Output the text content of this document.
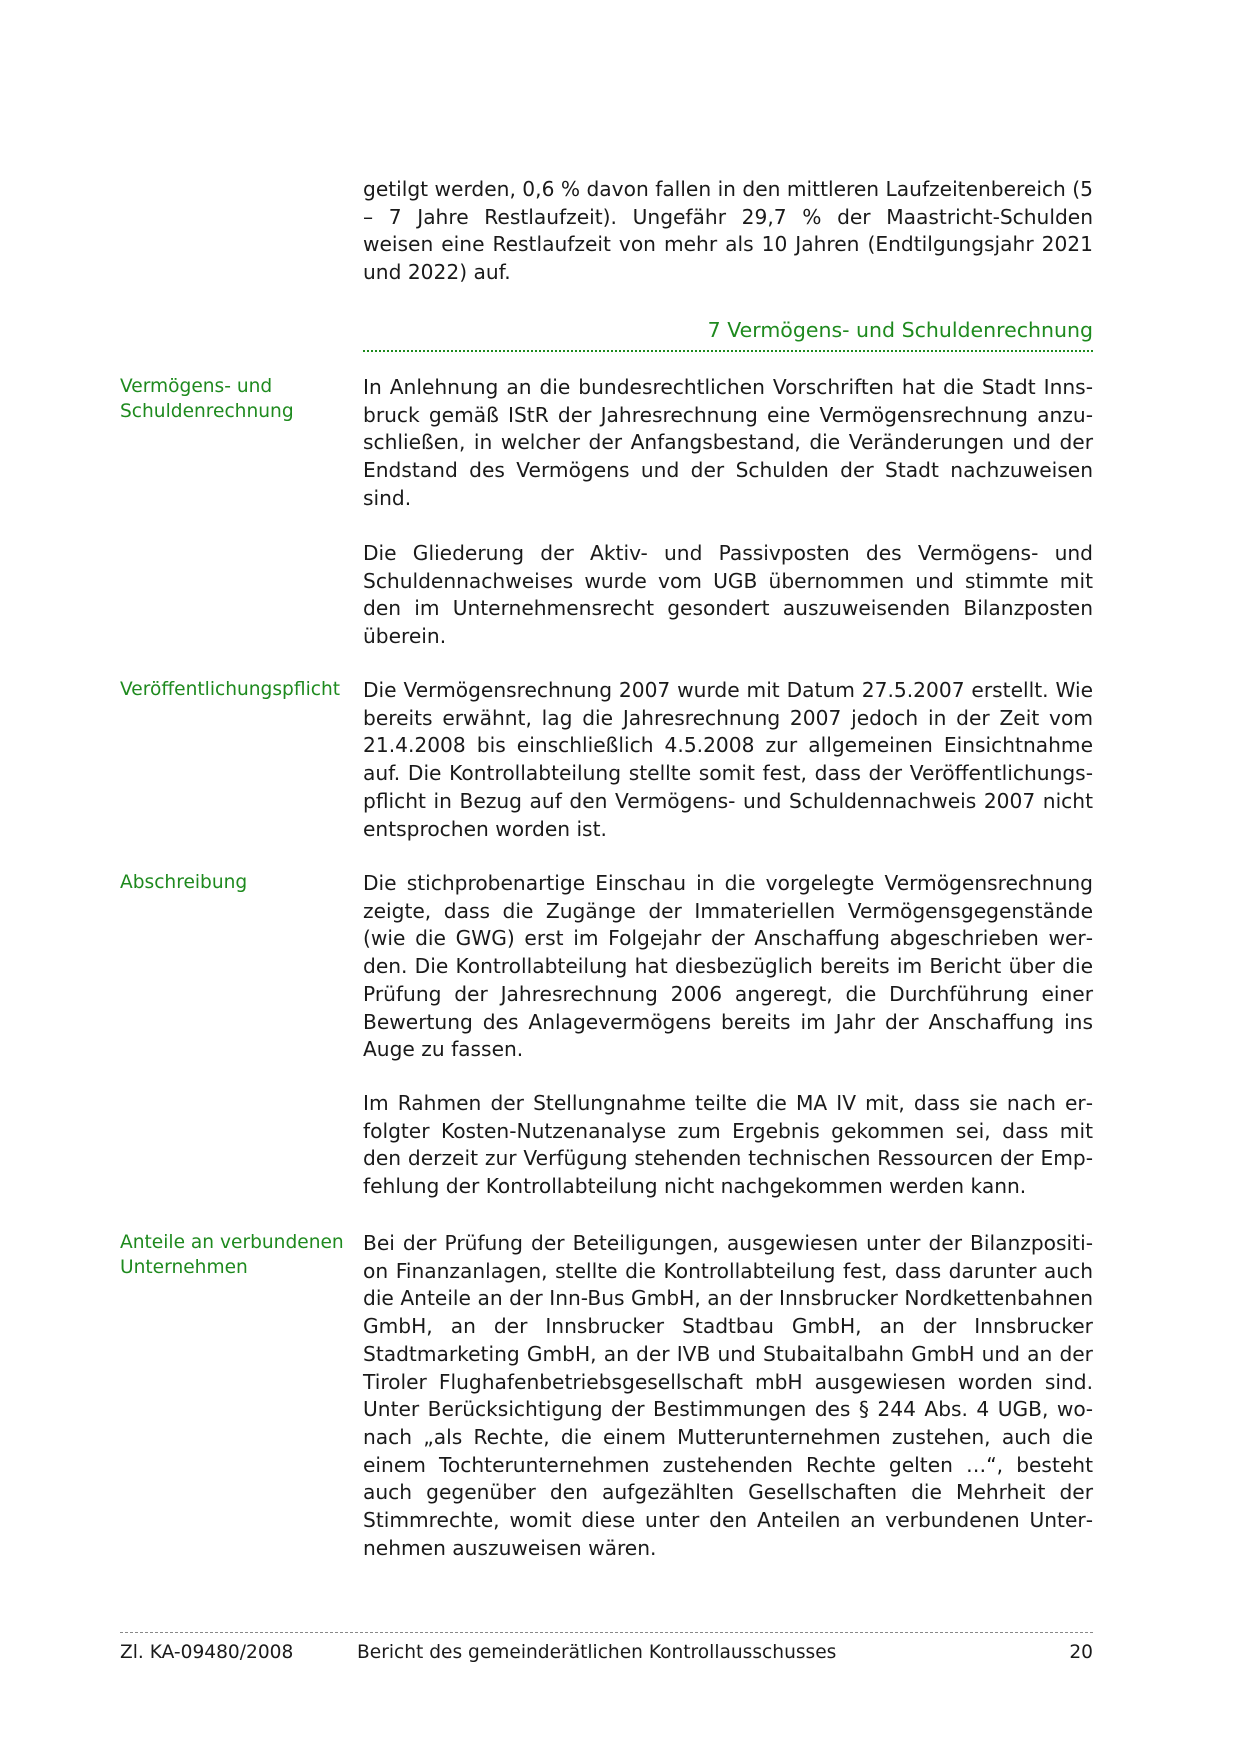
getilgt werden, 0,6 % davon fallen in den mittleren Laufzeitenbereich (5 – 7 Jahre Restlaufzeit). Ungefähr 29,7 % der Maastricht-Schulden weisen eine Restlaufzeit von mehr als 10 Jahren (Endtilgungsjahr 2021 und 2022) auf.

7 Vermögens- und Schuldenrechnung

Vermögens- und Schuldenrechnung

In Anlehnung an die bundesrechtlichen Vorschriften hat die Stadt Innsbruck gemäß IStR der Jahresrechnung eine Vermögensrechnung anzuschließen, in welcher der Anfangsbestand, die Veränderungen und der Endstand des Vermögens und der Schulden der Stadt nachzuweisen sind.

Die Gliederung der Aktiv- und Passivposten des Vermögens- und Schuldennachweises wurde vom UGB übernommen und stimmte mit den im Unternehmensrecht gesondert auszuweisenden Bilanzposten überein.

Veröffentlichungspflicht	Die Vermögensrechnung 2007 wurde mit Datum 27.5.2007 erstellt. Wie bereits erwähnt, lag die Jahresrechnung 2007 jedoch in der Zeit vom 21.4.2008 bis einschließlich 4.5.2008 zur allgemeinen Einsichtnahme auf. Die Kontrollabteilung stellte somit fest, dass der Veröffentlichungspflicht in Bezug auf den Vermögens- und Schuldennachweis 2007 nicht entsprochen worden ist.

Abschreibung	Die stichprobenartige Einschau in die vorgelegte Vermögensrechnung zeigte, dass die Zugänge der Immateriellen Vermögensgegenstände (wie die GWG) erst im Folgejahr der Anschaffung abgeschrieben werden. Die Kontrollabteilung hat diesbezüglich bereits im Bericht über die Prüfung der Jahresrechnung 2006 angeregt, die Durchführung einer Bewertung des Anlagevermögens bereits im Jahr der Anschaffung ins Auge zu fassen.

Im Rahmen der Stellungnahme teilte die MA IV mit, dass sie nach erfolgter Kosten-Nutzenanalyse zum Ergebnis gekommen sei, dass mit den derzeit zur Verfügung stehenden technischen Ressourcen der Empfehlung der Kontrollabteilung nicht nachgekommen werden kann.

Anteile an verbundenen Unternehmen

Bei der Prüfung der Beteiligungen, ausgewiesen unter der Bilanzposition Finanzanlagen, stellte die Kontrollabteilung fest, dass darunter auch die Anteile an der Inn-Bus GmbH, an der Innsbrucker Nordkettenbahnen GmbH, an der Innsbrucker Stadtbau GmbH, an der Innsbrucker Stadtmarketing GmbH, an der IVB und Stubaitalbahn GmbH und an der Tiroler Flughafenbetriebsgesellschaft mbH ausgewiesen worden sind. Unter Berücksichtigung der Bestimmungen des § 244 Abs. 4 UGB, wonach „als Rechte, die einem Mutterunternehmen zustehen, auch die einem Tochterunternehmen zustehenden Rechte gelten …“, besteht auch gegenüber den aufgezählten Gesellschaften die Mehrheit der Stimmrechte, womit diese unter den Anteilen an verbundenen Unternehmen auszuweisen wären.

Zl. KA-09480/2008	Bericht des gemeinderätlichen Kontrollausschusses	20
